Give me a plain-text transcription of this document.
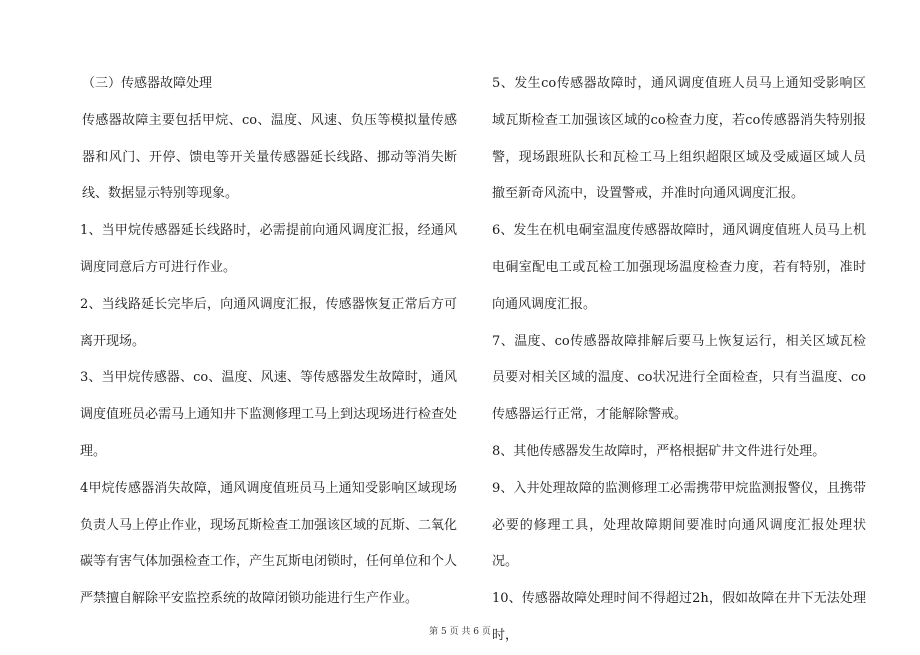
（三）传感器故障处理

传感器故障主要包括甲烷、co、温度、风速、负压等模拟量传感器和风门、开停、馈电等开关量传感器延长线路、挪动等消失断线、数据显示特别等现象。

1、当甲烷传感器延长线路时，必需提前向通风调度汇报，经通风调度同意后方可进行作业。

2、当线路延长完毕后，向通风调度汇报，传感器恢复正常后方可离开现场。

3、当甲烷传感器、co、温度、风速、等传感器发生故障时，通风调度值班员必需马上通知井下监测修理工马上到达现场进行检查处理。

4甲烷传感器消失故障，通风调度值班员马上通知受影响区域现场负责人马上停止作业，现场瓦斯检查工加强该区域的瓦斯、二氧化碳等有害气体加强检查工作，产生瓦斯电闭锁时，任何单位和个人严禁擅自解除平安监控系统的故障闭锁功能进行生产作业。

5、发生co传感器故障时，通风调度值班人员马上通知受影响区域瓦斯检查工加强该区域的co检查力度，若co传感器消失特别报警，现场跟班队长和瓦检工马上组织超限区域及受威逼区域人员撤至新奇风流中，设置警戒，并准时向通风调度汇报。

6、发生在机电硐室温度传感器故障时，通风调度值班人员马上机电硐室配电工或瓦检工加强现场温度检查力度，若有特别，准时向通风调度汇报。

7、温度、co传感器故障排解后要马上恢复运行，相关区域瓦检员要对相关区域的温度、co状况进行全面检查，只有当温度、co传感器运行正常，才能解除警戒。

8、其他传感器发生故障时，严格根据矿井文件进行处理。

9、入井处理故障的监测修理工必需携带甲烷监测报警仪，且携带必要的修理工具，处理故障期间要准时向通风调度汇报处理状况。

10、传感器故障处理时间不得超过2h，假如故障在井下无法处理时，

第 5 页 共 6 页
